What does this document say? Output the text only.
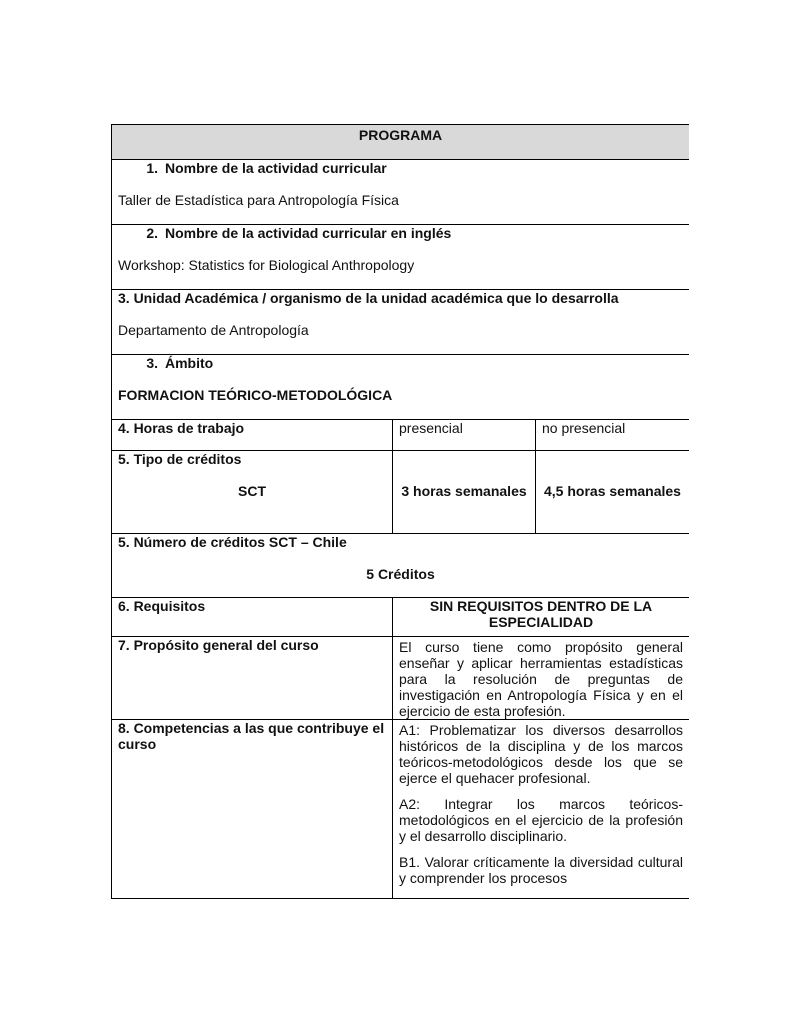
PROGRAMA		

1. Nombre de la actividad curricular
Taller de Estadística para Antropología Física		

2. Nombre de la actividad curricular en inglés
Workshop: Statistics for Biological Anthropology		

3. Unidad Académica / organismo de la unidad académica que lo desarrolla
Departamento de Antropología		

3. Ámbito
FORMACION TEÓRICO-METODOLÓGICA		

4. Horas de trabajo	presencial	no presencial

5. Tipo de créditos
SCT	3 horas semanales	4,5 horas semanales

5. Número de créditos SCT – Chile
5 Créditos		

6. Requisitos	SIN REQUISITOS DENTRO DE LA ESPECIALIDAD	
7. Propósito general del curso	El curso tiene como propósito general enseñar y aplicar herramientas estadísticas para la resolución de preguntas de investigación en Antropología Física y en el ejercicio de esta profesión.	
8. Competencias a las que contribuye el curso	A1: Problematizar los diversos desarrollos históricos de la disciplina y de los marcos teóricos-metodológicos desde los que se ejerce el quehacer profesional.

A2: Integrar los marcos teóricos-metodológicos en el ejercicio de la profesión y el desarrollo disciplinario.

B1. Valorar críticamente la diversidad cultural y comprender los procesos	
